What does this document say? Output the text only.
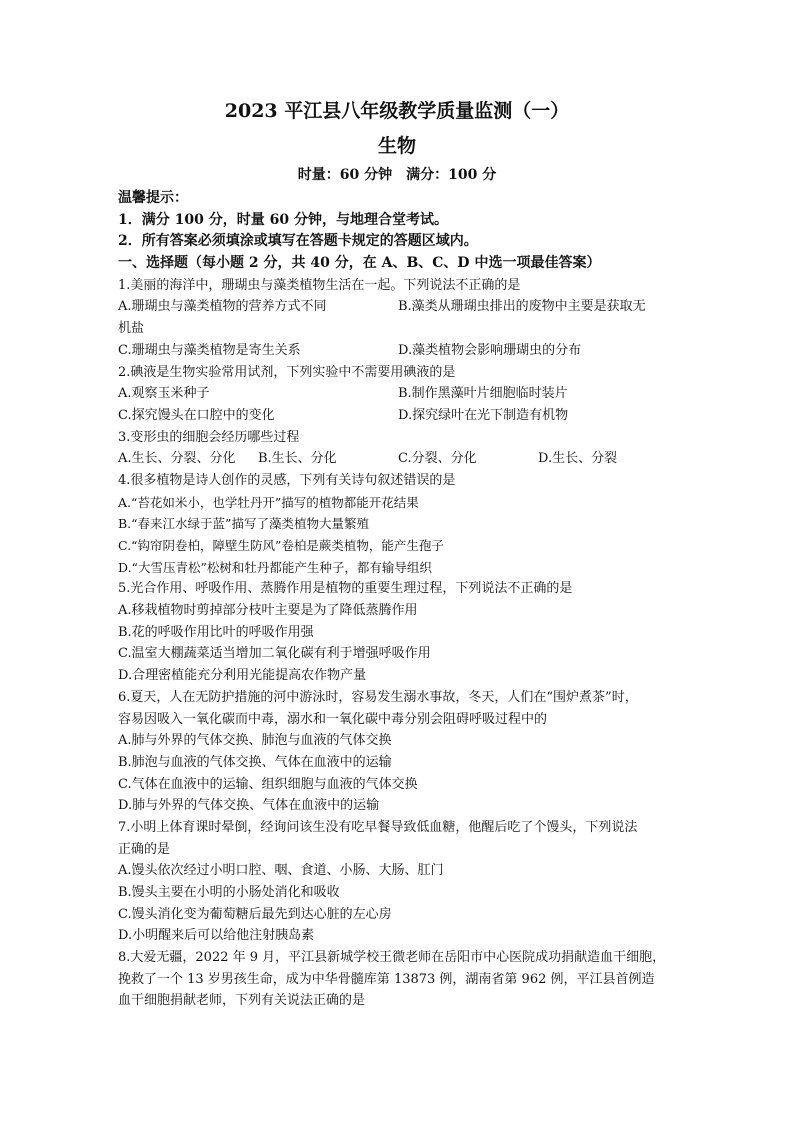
2023 平江县八年级教学质量监测（一）
生物
时量：60 分钟　满分：100 分
温馨提示：
1．满分 100 分，时量 60 分钟，与地理合堂考试。
2．所有答案必须填涂或填写在答题卡规定的答题区域内。
一、选择题（每小题 2 分，共 40 分，在 A、B、C、D 中选一项最佳答案）
1.美丽的海洋中，珊瑚虫与藻类植物生活在一起。下列说法不正确的是
A.珊瑚虫与藻类植物的营养方式不同	B.藻类从珊瑚虫排出的废物中主要是获取无
机盐
C.珊瑚虫与藻类植物是寄生关系	D.藻类植物会影响珊瑚虫的分布
2.碘液是生物实验常用试剂，下列实验中不需要用碘液的是
A.观察玉米种子	B.制作黑藻叶片细胞临时装片
C.探究馒头在口腔中的变化	D.探究绿叶在光下制造有机物
3.变形虫的细胞会经历哪些过程
A.生长、分裂、分化 B.生长、分化	C.分裂、分化	D.生长、分裂
4.很多植物是诗人创作的灵感，下列有关诗句叙述错误的是
A.“苔花如米小，也学牡丹开”描写的植物都能开花结果
B.“春来江水绿于蓝”描写了藻类植物大量繁殖
C.“钩帘阴卷柏，障壁生防风”卷柏是蕨类植物，能产生孢子
D.“大雪压青松”松树和牡丹都能产生种子，都有输导组织
5.光合作用、呼吸作用、蒸腾作用是植物的重要生理过程，下列说法不正确的是
A.移栽植物时剪掉部分枝叶主要是为了降低蒸腾作用
B.花的呼吸作用比叶的呼吸作用强
C.温室大棚蔬菜适当增加二氧化碳有利于增强呼吸作用
D.合理密植能充分利用光能提高农作物产量
6.夏天，人在无防护措施的河中游泳时，容易发生溺水事故，冬天，人们在“围炉煮茶”时，
容易因吸入一氧化碳而中毒，溺水和一氧化碳中毒分别会阻碍呼吸过程中的
A.肺与外界的气体交换、肺泡与血液的气体交换
B.肺泡与血液的气体交换、气体在血液中的运输
C.气体在血液中的运输、组织细胞与血液的气体交换
D.肺与外界的气体交换、气体在血液中的运输
7.小明上体育课时晕倒，经询问该生没有吃早餐导致低血糖，他醒后吃了个馒头，下列说法
正确的是
A.馒头依次经过小明口腔、咽、食道、小肠、大肠、肛门
B.馒头主要在小明的小肠处消化和吸收
C.馒头消化变为葡萄糖后最先到达心脏的左心房
D.小明醒来后可以给他注射胰岛素
8.大爱无疆，2022 年 9 月，平江县新城学校王微老师在岳阳市中心医院成功捐献造血干细胞，
挽救了一个 13 岁男孩生命，成为中华骨髓库第 13873 例，湖南省第 962 例，平江县首例造
血干细胞捐献老师，下列有关说法正确的是
